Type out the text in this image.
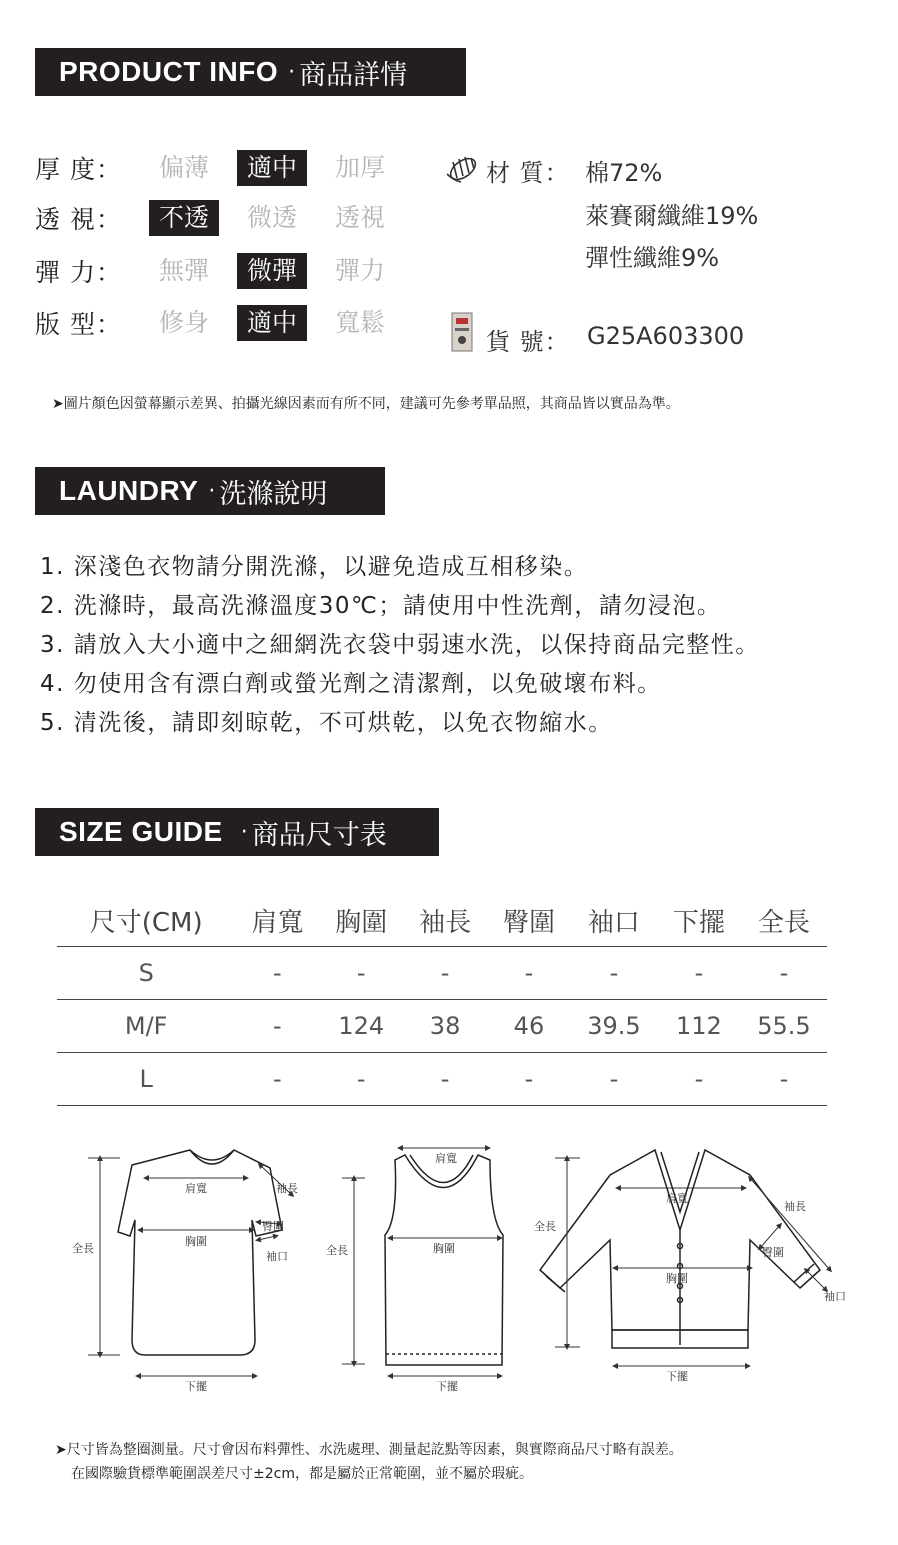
PRODUCT INFO · 商品詳情
厚 度：	偏薄	適中	加厚
透 視：	不透	微透	透視
彈 力：	無彈	微彈	彈力
版 型：	修身	適中	寬鬆
材 質： 棉72%
萊賽爾纖維19%
彈性纖維9%
貨 號： G25A603300
➤圖片顏色因螢幕顯示差異、拍攝光線因素而有所不同，建議可先參考單品照，其商品皆以實品為準。
LAUNDRY · 洗滌說明
1. 深淺色衣物請分開洗滌，以避免造成互相移染。
2. 洗滌時，最高洗滌溫度30℃；請使用中性洗劑，請勿浸泡。
3. 請放入大小適中之細網洗衣袋中弱速水洗，以保持商品完整性。
4. 勿使用含有漂白劑或螢光劑之清潔劑，以免破壞布料。
5. 清洗後，請即刻晾乾，不可烘乾，以免衣物縮水。
SIZE GUIDE · 商品尺寸表
尺寸(CM)	肩寬	胸圍	袖長	臀圍	袖口	下擺	全長
S	-	-	-	-	-	-	-
M/F	-	124	38	46	39.5	112	55.5
L	-	-	-	-	-	-	-
全長
肩寬
胸圍
袖長
臀圍
袖口
下擺
全長
肩寬
胸圍
下擺
全長
肩寬
袖長
臀圍
胸圍
袖口
下擺
➤尺寸皆為整圈測量。尺寸會因布料彈性、水洗處理、測量起訖點等因素，與實際商品尺寸略有誤差。
在國際驗貨標準範圍誤差尺寸±2cm，都是屬於正常範圍，並不屬於瑕疵。
